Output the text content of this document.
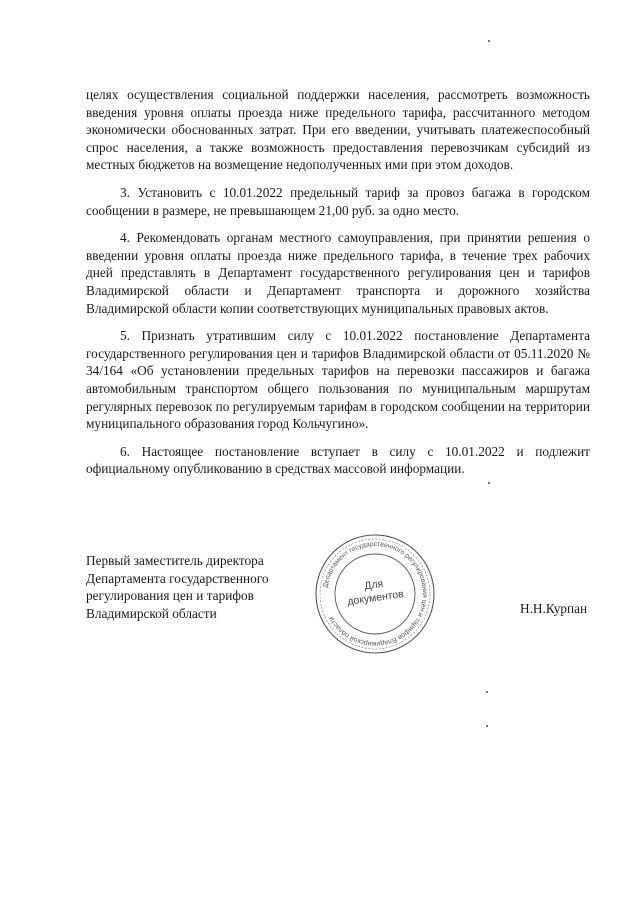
целях осуществления социальной поддержки населения, рассмотреть возможность введения уровня оплаты проезда ниже предельного тарифа, рассчитанного методом экономически обоснованных затрат. При его введении, учитывать платежеспособный спрос населения, а также возможность предоставления перевозчикам субсидий из местных бюджетов на возмещение недополученных ими при этом доходов.

3. Установить с 10.01.2022 предельный тариф за провоз багажа в городском сообщении в размере, не превышающем 21,00 руб. за одно место.

4. Рекомендовать органам местного самоуправления, при принятии решения о введении уровня оплаты проезда ниже предельного тарифа, в течение трех рабочих дней представлять в Департамент государственного регулирования цен и тарифов Владимирской области и Департамент транспорта и дорожного хозяйства Владимирской области копии соответствующих муниципальных правовых актов.

5. Признать утратившим силу с 10.01.2022 постановление Департамента государственного регулирования цен и тарифов Владимирской области от 05.11.2020 № 34/164 «Об установлении предельных тарифов на перевозки пассажиров и багажа автомобильным транспортом общего пользования по муниципальным маршрутам регулярных перевозок по регулируемым тарифам в городском сообщении на территории муниципального образования город Кольчугино».

6. Настоящее постановление вступает в силу с 10.01.2022 и подлежит официальному опубликованию в средствах массовой информации.

Первый заместитель директора
Департамента государственного
регулирования цен и тарифов
Владимирской области
Департамент государственного регулирования цен и тарифов Владимирской области
Для
документов
Н.Н.Курпан
